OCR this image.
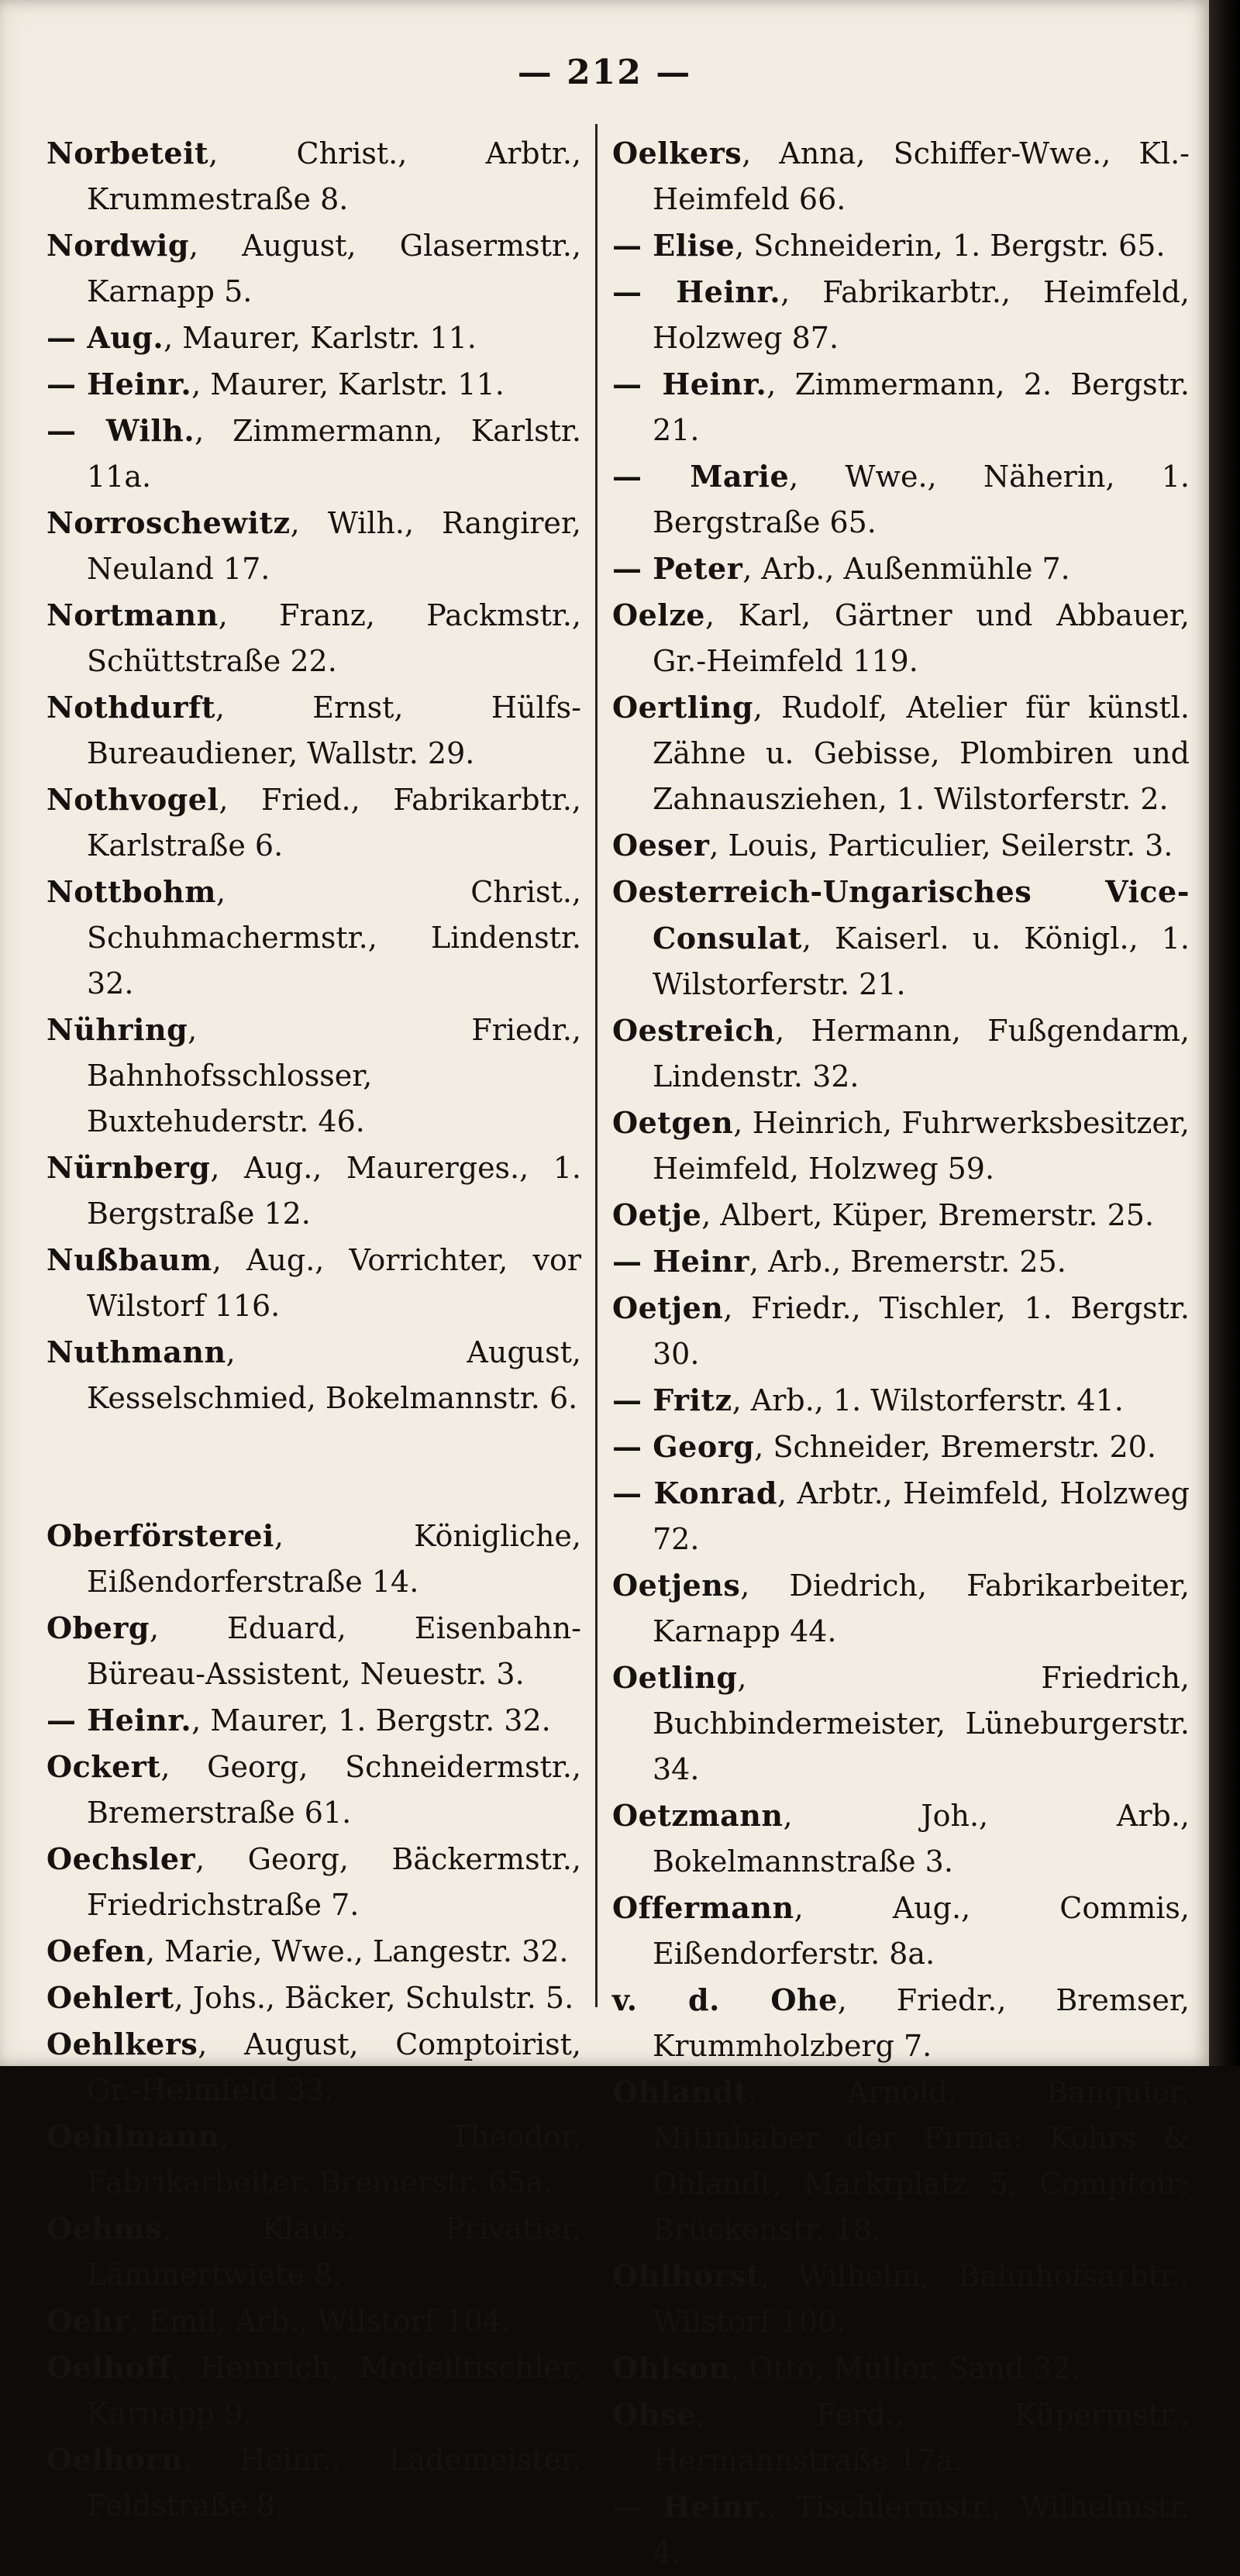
— 212 —
Norbeteit, Christ., Arbtr., Krummestraße 8.
Nordwig, August, Glasermstr., Karnapp 5.
— Aug., Maurer, Karlstr. 11.
— Heinr., Maurer, Karlstr. 11.
— Wilh., Zimmermann, Karlstr. 11a.
Norroschewitz, Wilh., Rangirer, Neuland 17.
Nortmann, Franz, Packmstr., Schüttstraße 22.
Nothdurft, Ernst, Hülfs-Bureaudiener, Wallstr. 29.
Nothvogel, Fried., Fabrikarbtr., Karlstraße 6.
Nottbohm, Christ., Schuhmachermstr., Lindenstr. 32.
Nühring, Friedr., Bahnhofsschlosser, Buxtehuderstr. 46.
Nürnberg, Aug., Maurerges., 1. Bergstraße 12.
Nußbaum, Aug., Vorrichter, vor Wilstorf 116.
Nuthmann, August, Kesselschmied, Bokelmannstr. 6.
Oberförsterei, Königliche, Eißendorferstraße 14.
Oberg, Eduard, Eisenbahn-Büreau-Assistent, Neuestr. 3.
— Heinr., Maurer, 1. Bergstr. 32.
Ockert, Georg, Schneidermstr., Bremerstraße 61.
Oechsler, Georg, Bäckermstr., Friedrichstraße 7.
Oefen, Marie, Wwe., Langestr. 32.
Oehlert, Johs., Bäcker, Schulstr. 5.
Oehlkers, August, Comptoirist, Gr.-Heimfeld 33.
Oehlmann, Theodor, Fabrikarbeiter, Bremerstr. 65a.
Oehms, Klaus, Privatier, Lämmertwiete 8.
Oehr, Emil, Arb., Wilstorf 104.
Oelhoff, Heinrich, Modelltischler, Karnapp 9.
Oelhorn, Heinr., Lademeister, Feldstraße 8.
Oelkers, Anna, Schiffer-Wwe., Kl.-Heimfeld 66.
— Elise, Schneiderin, 1. Bergstr. 65.
— Heinr., Fabrikarbtr., Heimfeld, Holzweg 87.
— Heinr., Zimmermann, 2. Bergstr. 21.
— Marie, Wwe., Näherin, 1. Bergstraße 65.
— Peter, Arb., Außenmühle 7.
Oelze, Karl, Gärtner und Abbauer, Gr.-Heimfeld 119.
Oertling, Rudolf, Atelier für künstl. Zähne u. Gebisse, Plombiren und Zahnausziehen, 1. Wilstorferstr. 2.
Oeser, Louis, Particulier, Seilerstr. 3.
Oesterreich-Ungarisches Vice-Consulat, Kaiserl. u. Königl., 1. Wilstorferstr. 21.
Oestreich, Hermann, Fußgendarm, Lindenstr. 32.
Oetgen, Heinrich, Fuhrwerksbesitzer, Heimfeld, Holzweg 59.
Oetje, Albert, Küper, Bremerstr. 25.
— Heinr, Arb., Bremerstr. 25.
Oetjen, Friedr., Tischler, 1. Bergstr. 30.
— Fritz, Arb., 1. Wilstorferstr. 41.
— Georg, Schneider, Bremerstr. 20.
— Konrad, Arbtr., Heimfeld, Holzweg 72.
Oetjens, Diedrich, Fabrikarbeiter, Karnapp 44.
Oetling, Friedrich, Buchbindermeister, Lüneburgerstr. 34.
Oetzmann, Joh., Arb., Bokelmannstraße 3.
Offermann, Aug., Commis, Eißendorferstr. 8a.
v. d. Ohe, Friedr., Bremser, Krummholzberg 7.
Ohlandt, Arnold, Banquier, Mitinhaber der Firma: Kohrs & Ohlandt, Marktplatz 5, Comptoir: Brückenstr. 18.
Ohlhorst, Wilhelm, Bahnhofsarbtr., Wilstorf 100.
Ohlson, Otto, Müller, Sand 32.
Ohse, Ferd., Küpermstr., Hermannstraße 17a.
— Heinr., Tischlermstr., Wilhelmstr. 4.
